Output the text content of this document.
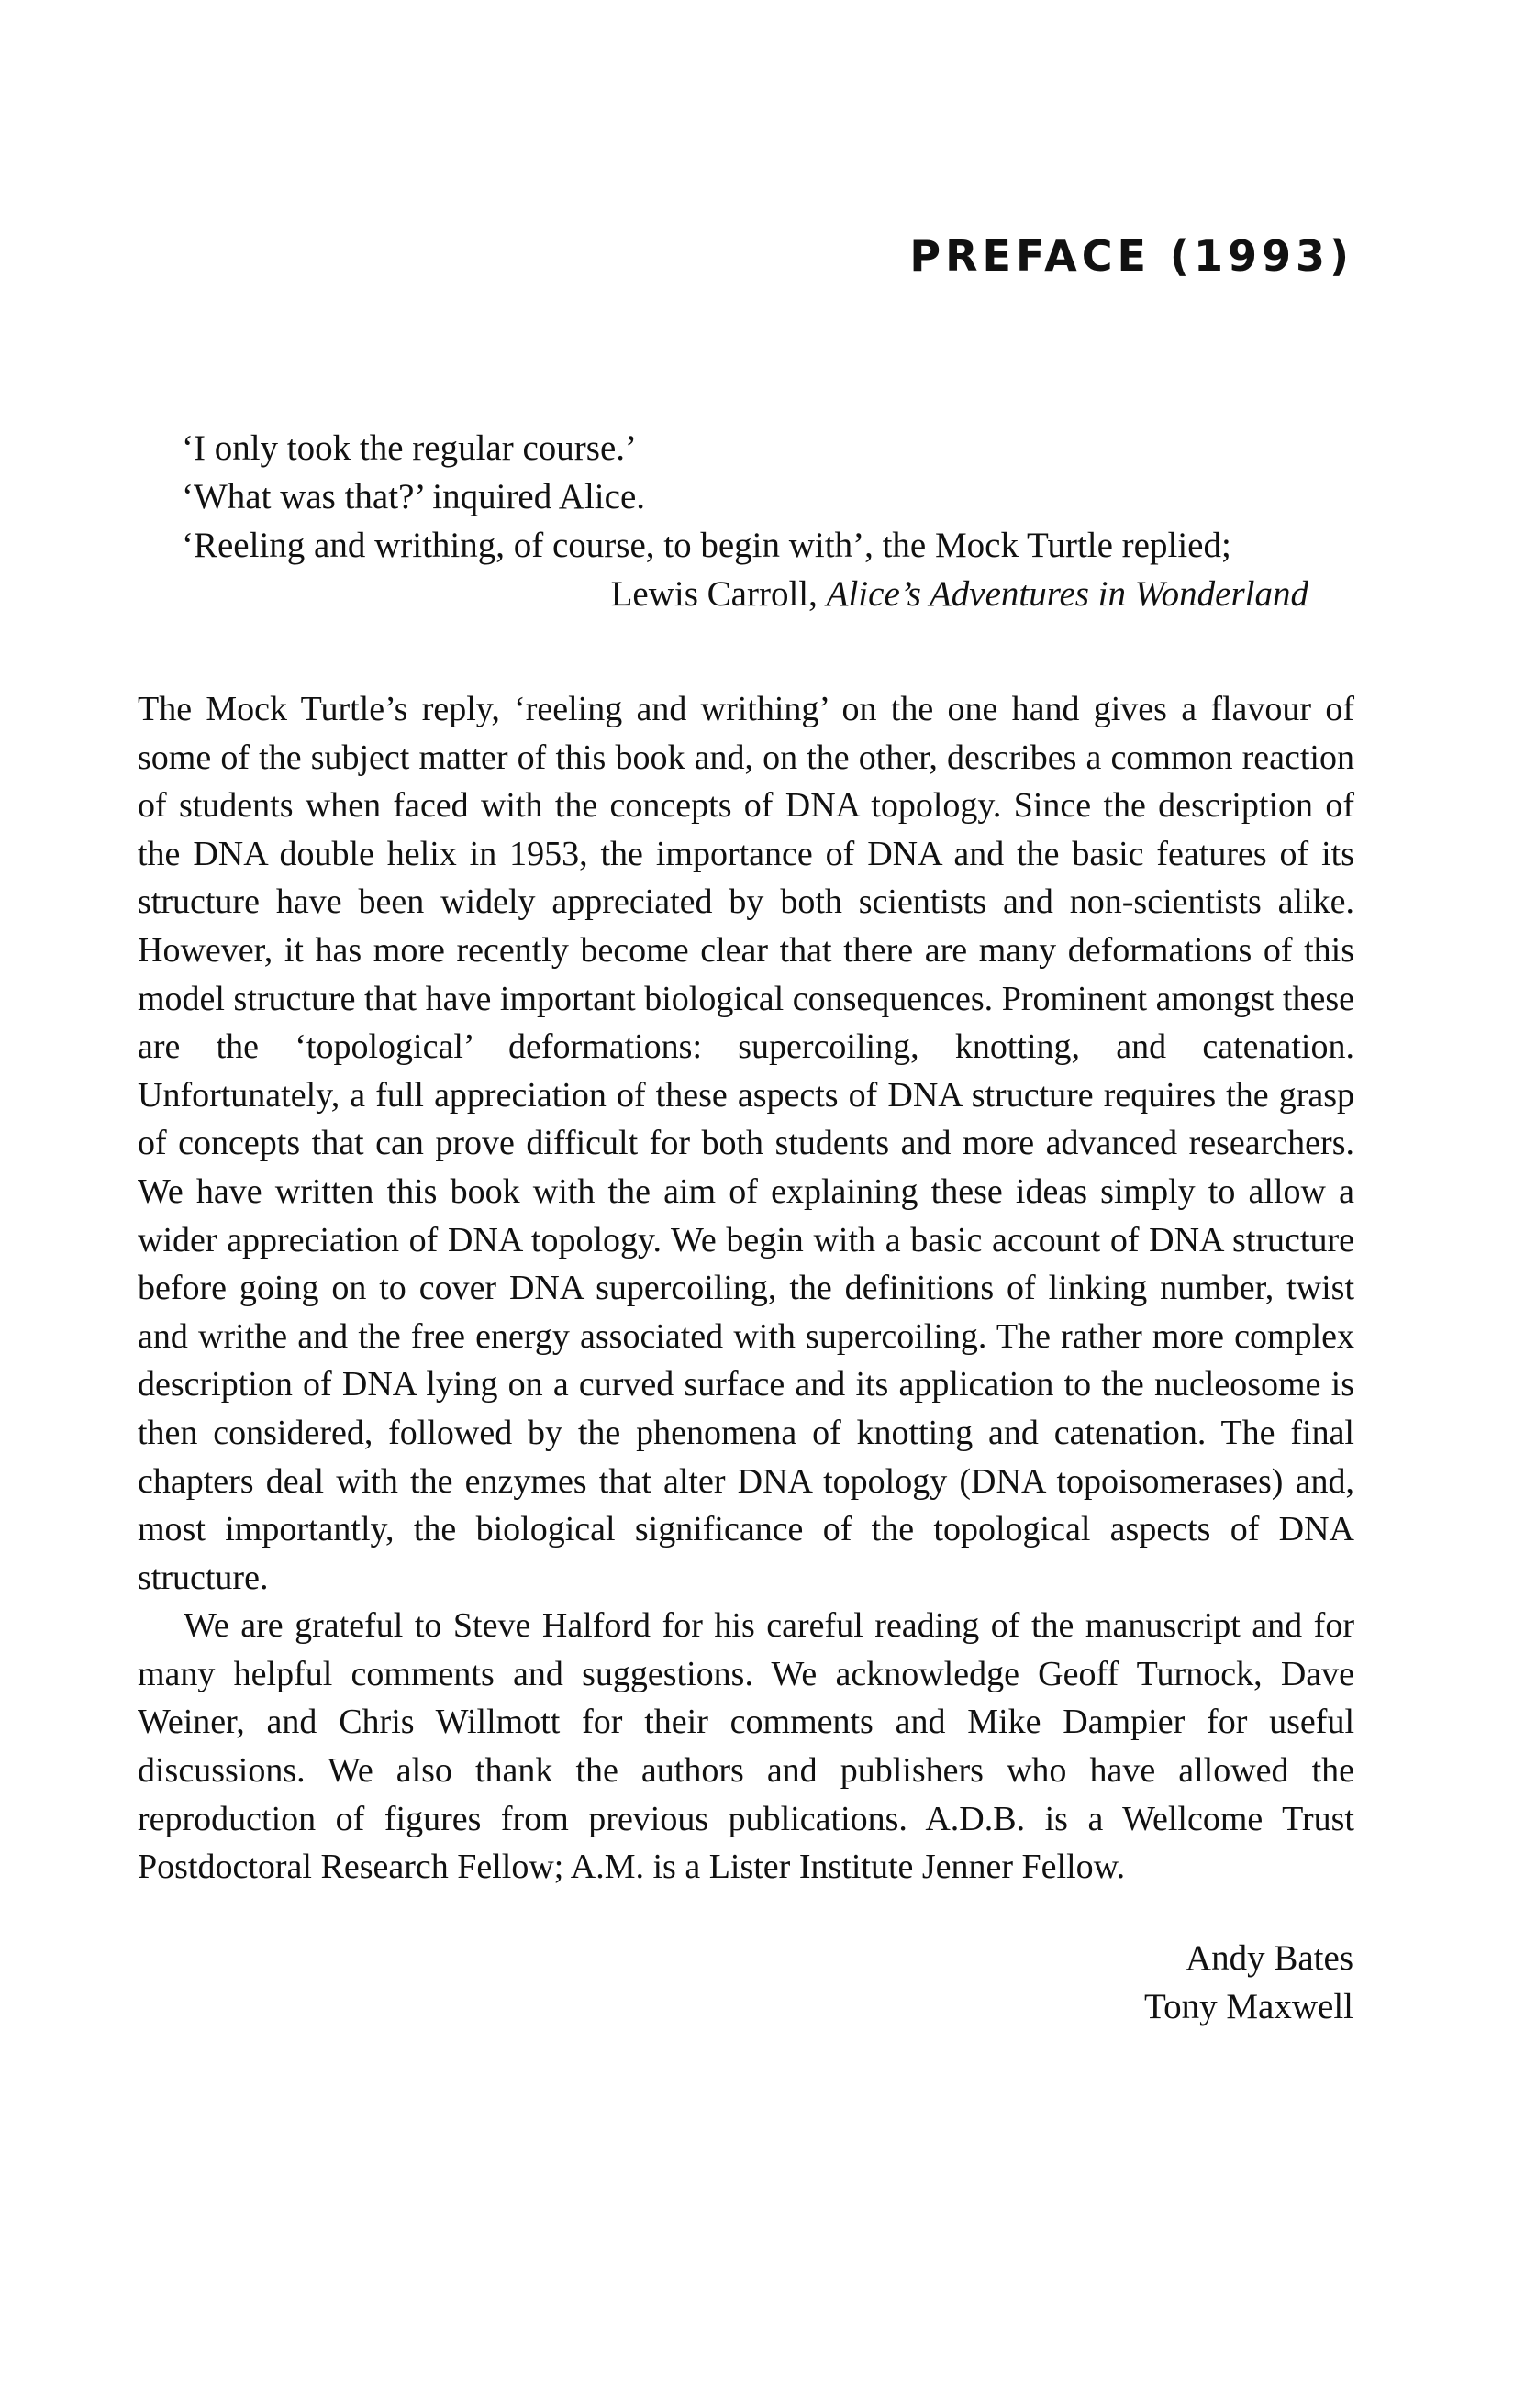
PREFACE (1993)
‘I only took the regular course.’
‘What was that?’ inquired Alice.
‘Reeling and writhing, of course, to begin with’, the Mock Turtle replied;
Lewis Carroll, Alice’s Adventures in Wonderland

The Mock Turtle’s reply, ‘reeling and writhing’ on the one hand gives a flavour of some of the subject matter of this book and, on the other, describes a common reaction of students when faced with the concepts of DNA topology. Since the description of the DNA double helix in 1953, the importance of DNA and the basic features of its structure have been widely appreciated by both scientists and non-scientists alike. However, it has more recently become clear that there are many deformations of this model structure that have important biological consequences. Prominent amongst these are the ‘topological’ deformations: supercoiling, knotting, and catenation. Unfortunately, a full appreciation of these aspects of DNA structure requires the grasp of concepts that can prove difficult for both students and more advanced researchers. We have written this book with the aim of explaining these ideas simply to allow a wider appreciation of DNA topology. We begin with a basic account of DNA structure before going on to cover DNA supercoiling, the definitions of linking number, twist and writhe and the free energy associated with supercoiling. The rather more complex description of DNA lying on a curved surface and its application to the nucleosome is then considered, followed by the phenomena of knotting and catenation. The final chapters deal with the enzymes that alter DNA topology (DNA topoisomerases) and, most importantly, the biological significance of the topological aspects of DNA structure.

We are grateful to Steve Halford for his careful reading of the manuscript and for many helpful comments and suggestions. We acknowledge Geoff Turnock, Dave Weiner, and Chris Willmott for their comments and Mike Dampier for useful discussions. We also thank the authors and publishers who have allowed the reproduction of figures from previous publications. A.D.B. is a Wellcome Trust Postdoctoral Research Fellow; A.M. is a Lister Institute Jenner Fellow.

Andy Bates
Tony Maxwell
